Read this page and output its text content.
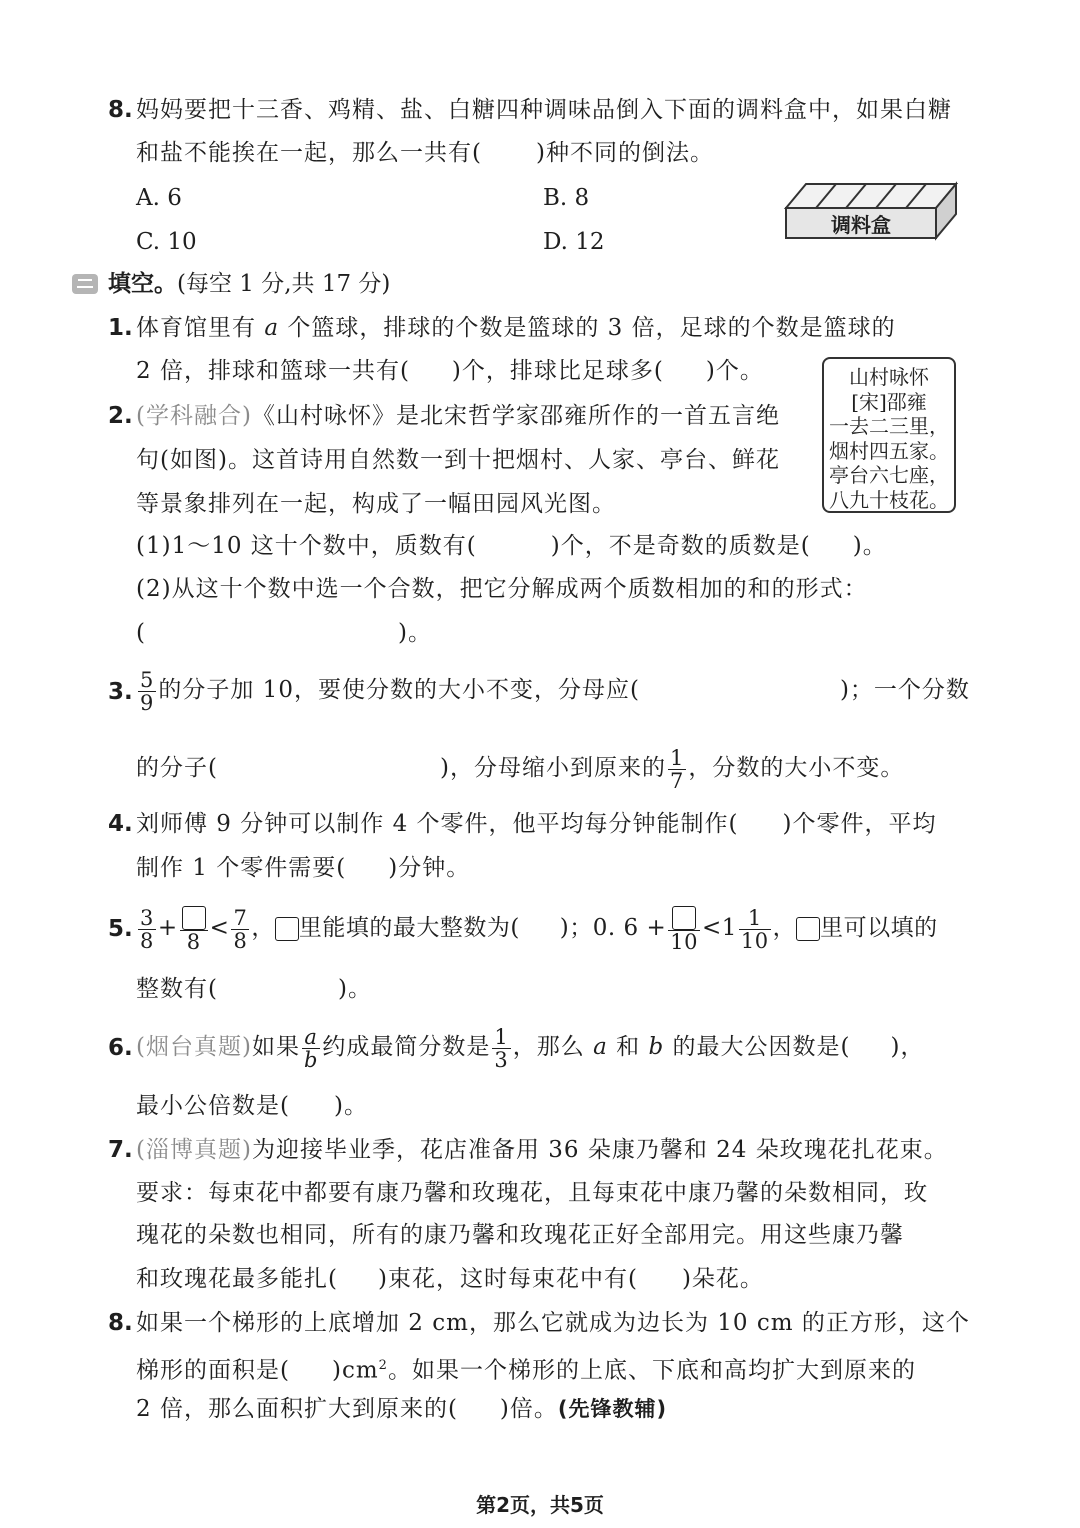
8. 妈妈要把十三香、鸡精、盐、白糖四种调味品倒入下面的调料盒中，如果白糖
和盐不能挨在一起，那么一共有( )种不同的倒法。
A. 6	B. 8
C. 10	D. 12
调料盒
填空。(每空 1 分,共 17 分)
1. 体育馆里有 a 个篮球，排球的个数是篮球的 3 倍，足球的个数是篮球的
2 倍，排球和篮球一共有( )个，排球比足球多( )个。	山村咏怀
[宋]邵雍
一去二三里，
烟村四五家。
亭台六七座，
八九十枝花。
2. (学科融合)《山村咏怀》是北宋哲学家邵雍所作的一首五言绝
句(如图)。这首诗用自然数一到十把烟村、人家、亭台、鲜花
等景象排列在一起，构成了一幅田园风光图。
(1)1～10 这十个数中，质数有(	)个，不是奇数的质数是( )。
(2)从这十个数中选一个合数，把它分解成两个质数相加的和的形式：
(	)。
3. $\frac{5}{9}$ 的分子加 10，要使分数的大小不变，分母应(	)；一个分数
的分子(	)，分母缩小到原来的 $\frac{1}{7}$ ，分数的大小不变。
4. 刘师傅 9 分钟可以制作 4 个零件，他平均每分钟能制作( )个零件，平均
制作 1 个零件需要( )分钟。
5. $\frac{3}{8}$ +
8
< $\frac{7}{8}$ ， 里能填的最大整数为( )；0. 6 +
10
$<1 \frac{1}{10}$ ， 里可以填的
整数有(	)。
6. (烟台真题)如果 $\frac{a}{b}$ 约成最简分数是 $\frac{1}{3}$ ，那么 a 和 b 的最大公因数是( )，
最小公倍数是( )。
7. (淄博真题)为迎接毕业季，花店准备用 36 朵康乃馨和 24 朵玫瑰花扎花束。
要求：每束花中都要有康乃馨和玫瑰花，且每束花中康乃馨的朵数相同，玫
瑰花的朵数也相同，所有的康乃馨和玫瑰花正好全部用完。用这些康乃馨
和玫瑰花最多能扎( )束花，这时每束花中有( )朵花。
8. 如果一个梯形的上底增加 2 cm，那么它就成为边长为 10 cm 的正方形，这个
梯形的面积是( )$cm^2$。如果一个梯形的上底、下底和高均扩大到原来的
2 倍，那么面积扩大到原来的( )倍。(先锋教辅)
第2页，共5页
